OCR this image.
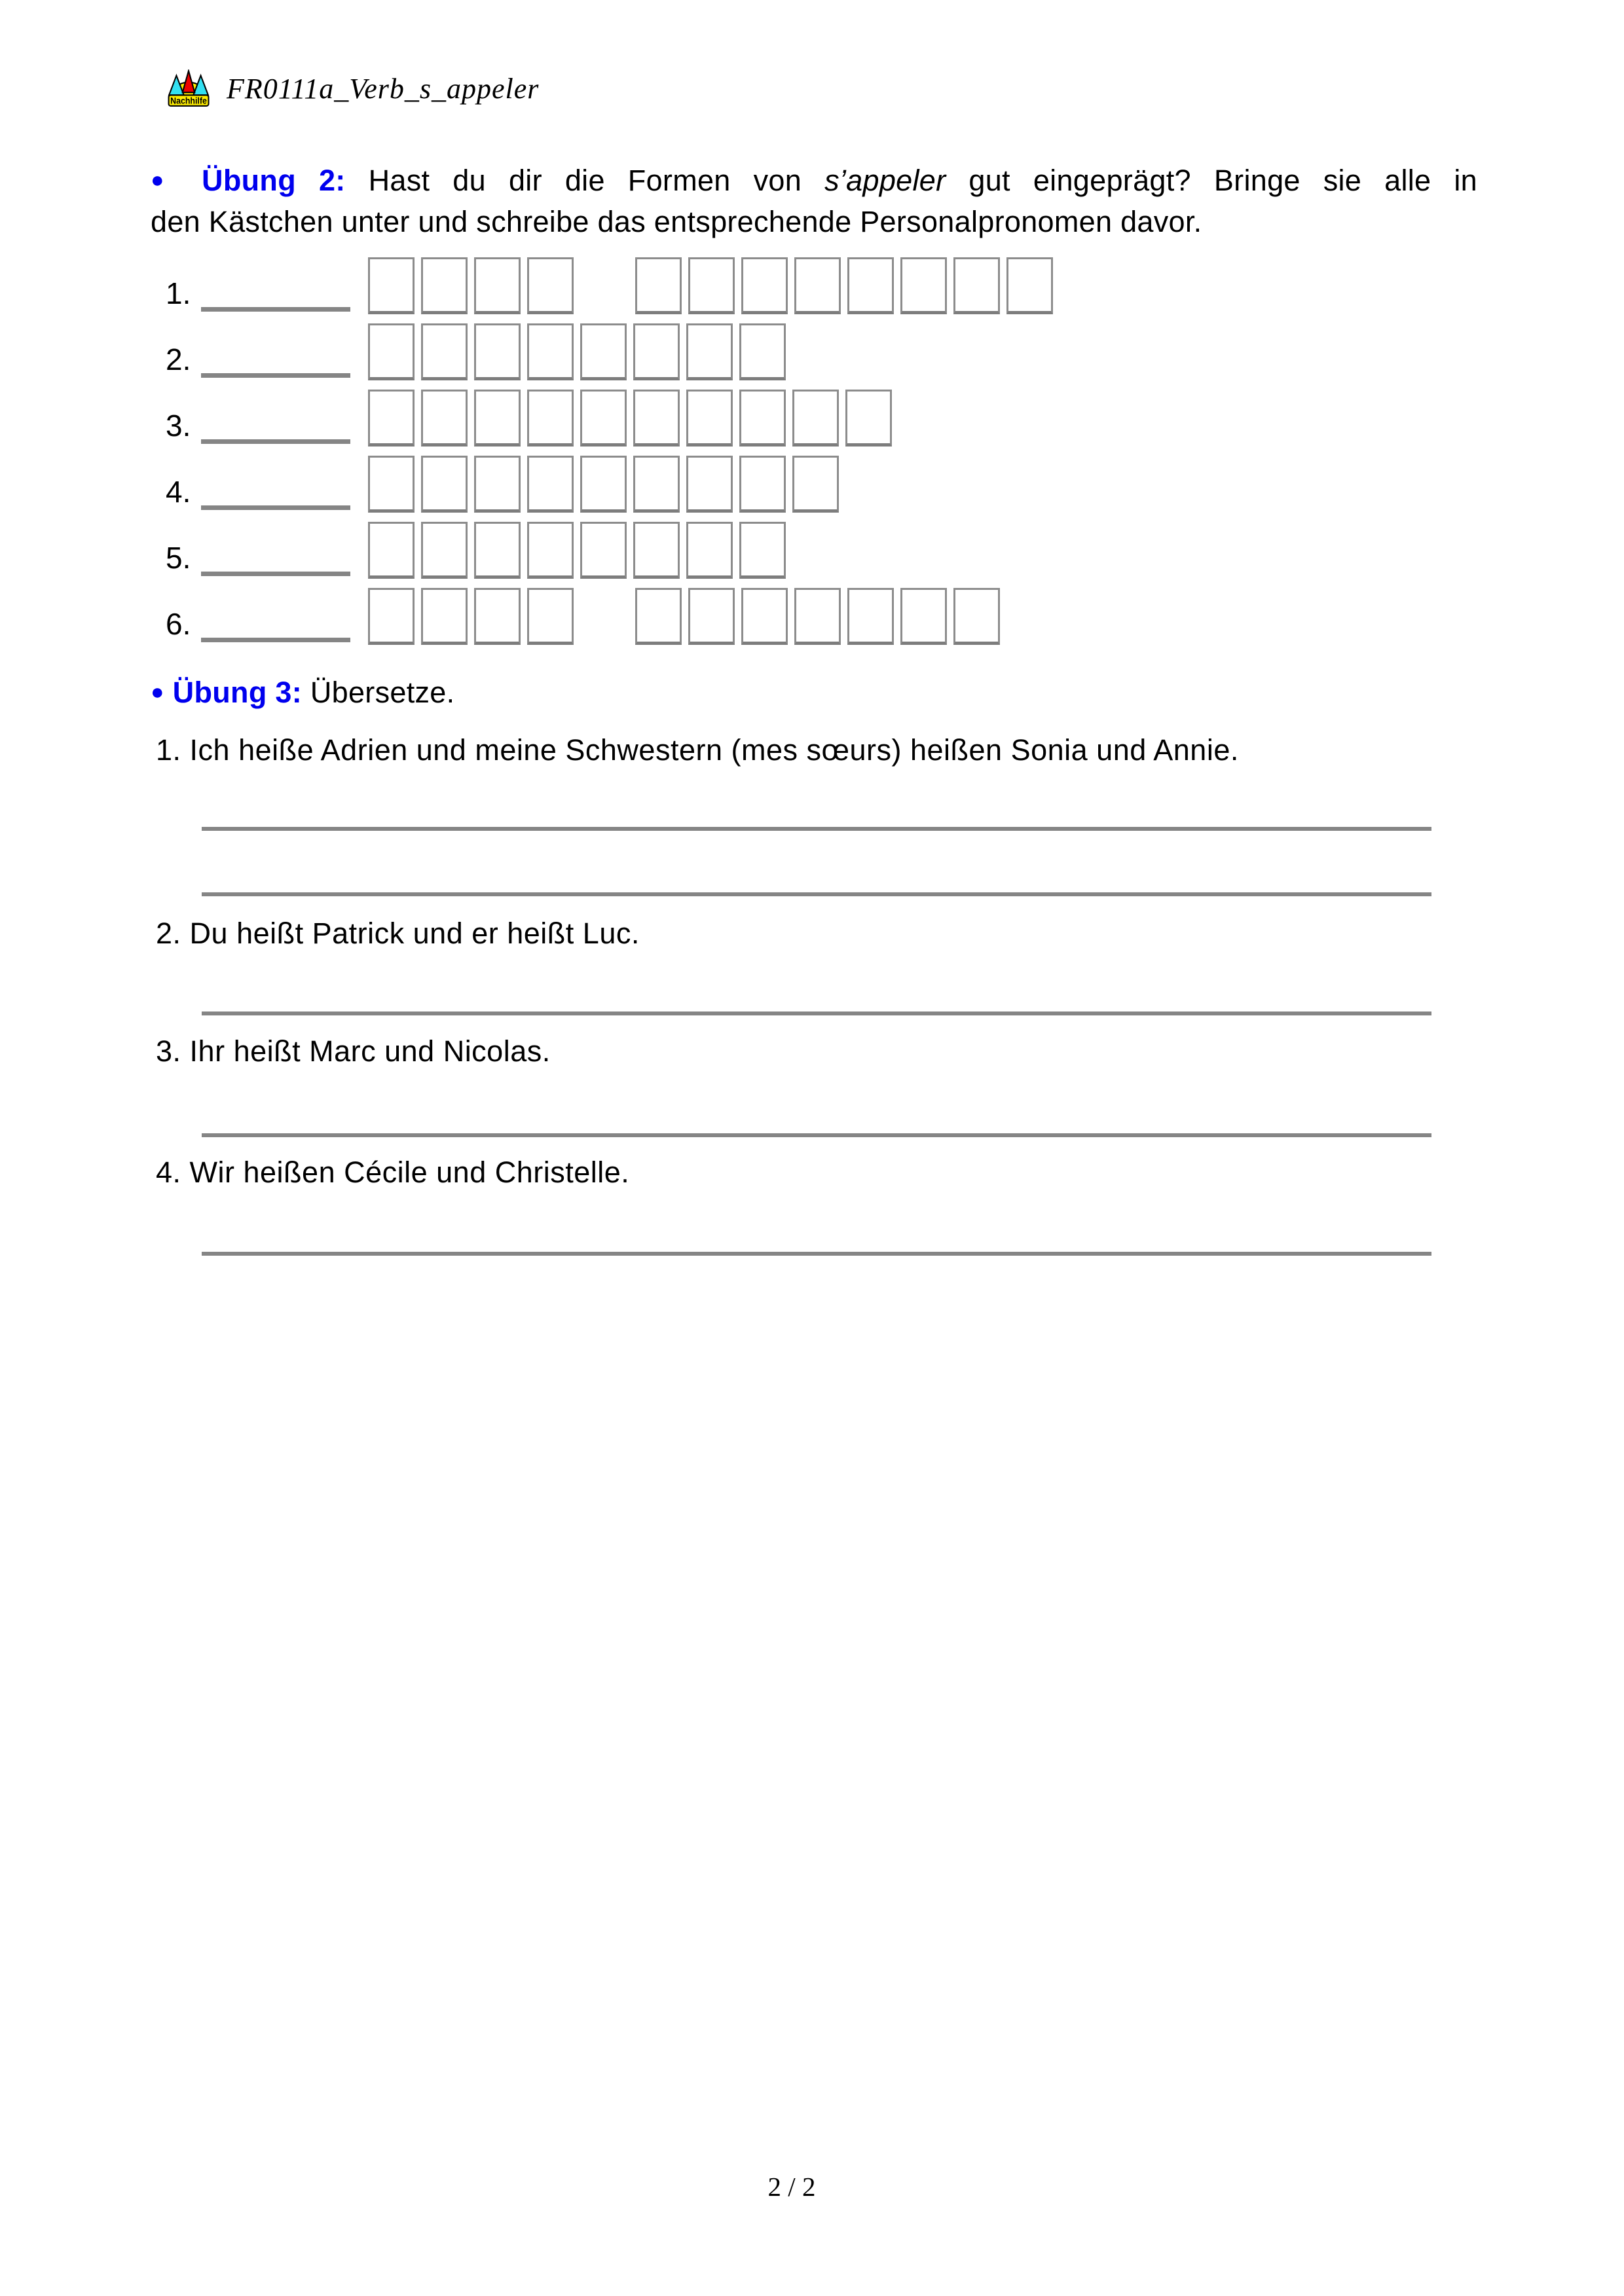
Nachhilfe FR0111a_Verb_s_appeler
● Übung 2: Hast du dir die Formen von s’appeler gut eingeprägt? Bringe sie alle in
den Kästchen unter und schreibe das entsprechende Personalpronomen davor.
1.
2.
3.
4.
5.
6.
● Übung 3: Übersetze.
1. Ich heiße Adrien und meine Schwestern (mes sœurs) heißen Sonia und Annie.
2. Du heißt Patrick und er heißt Luc.
3. Ihr heißt Marc und Nicolas.
4. Wir heißen Cécile und Christelle.
2 / 2
